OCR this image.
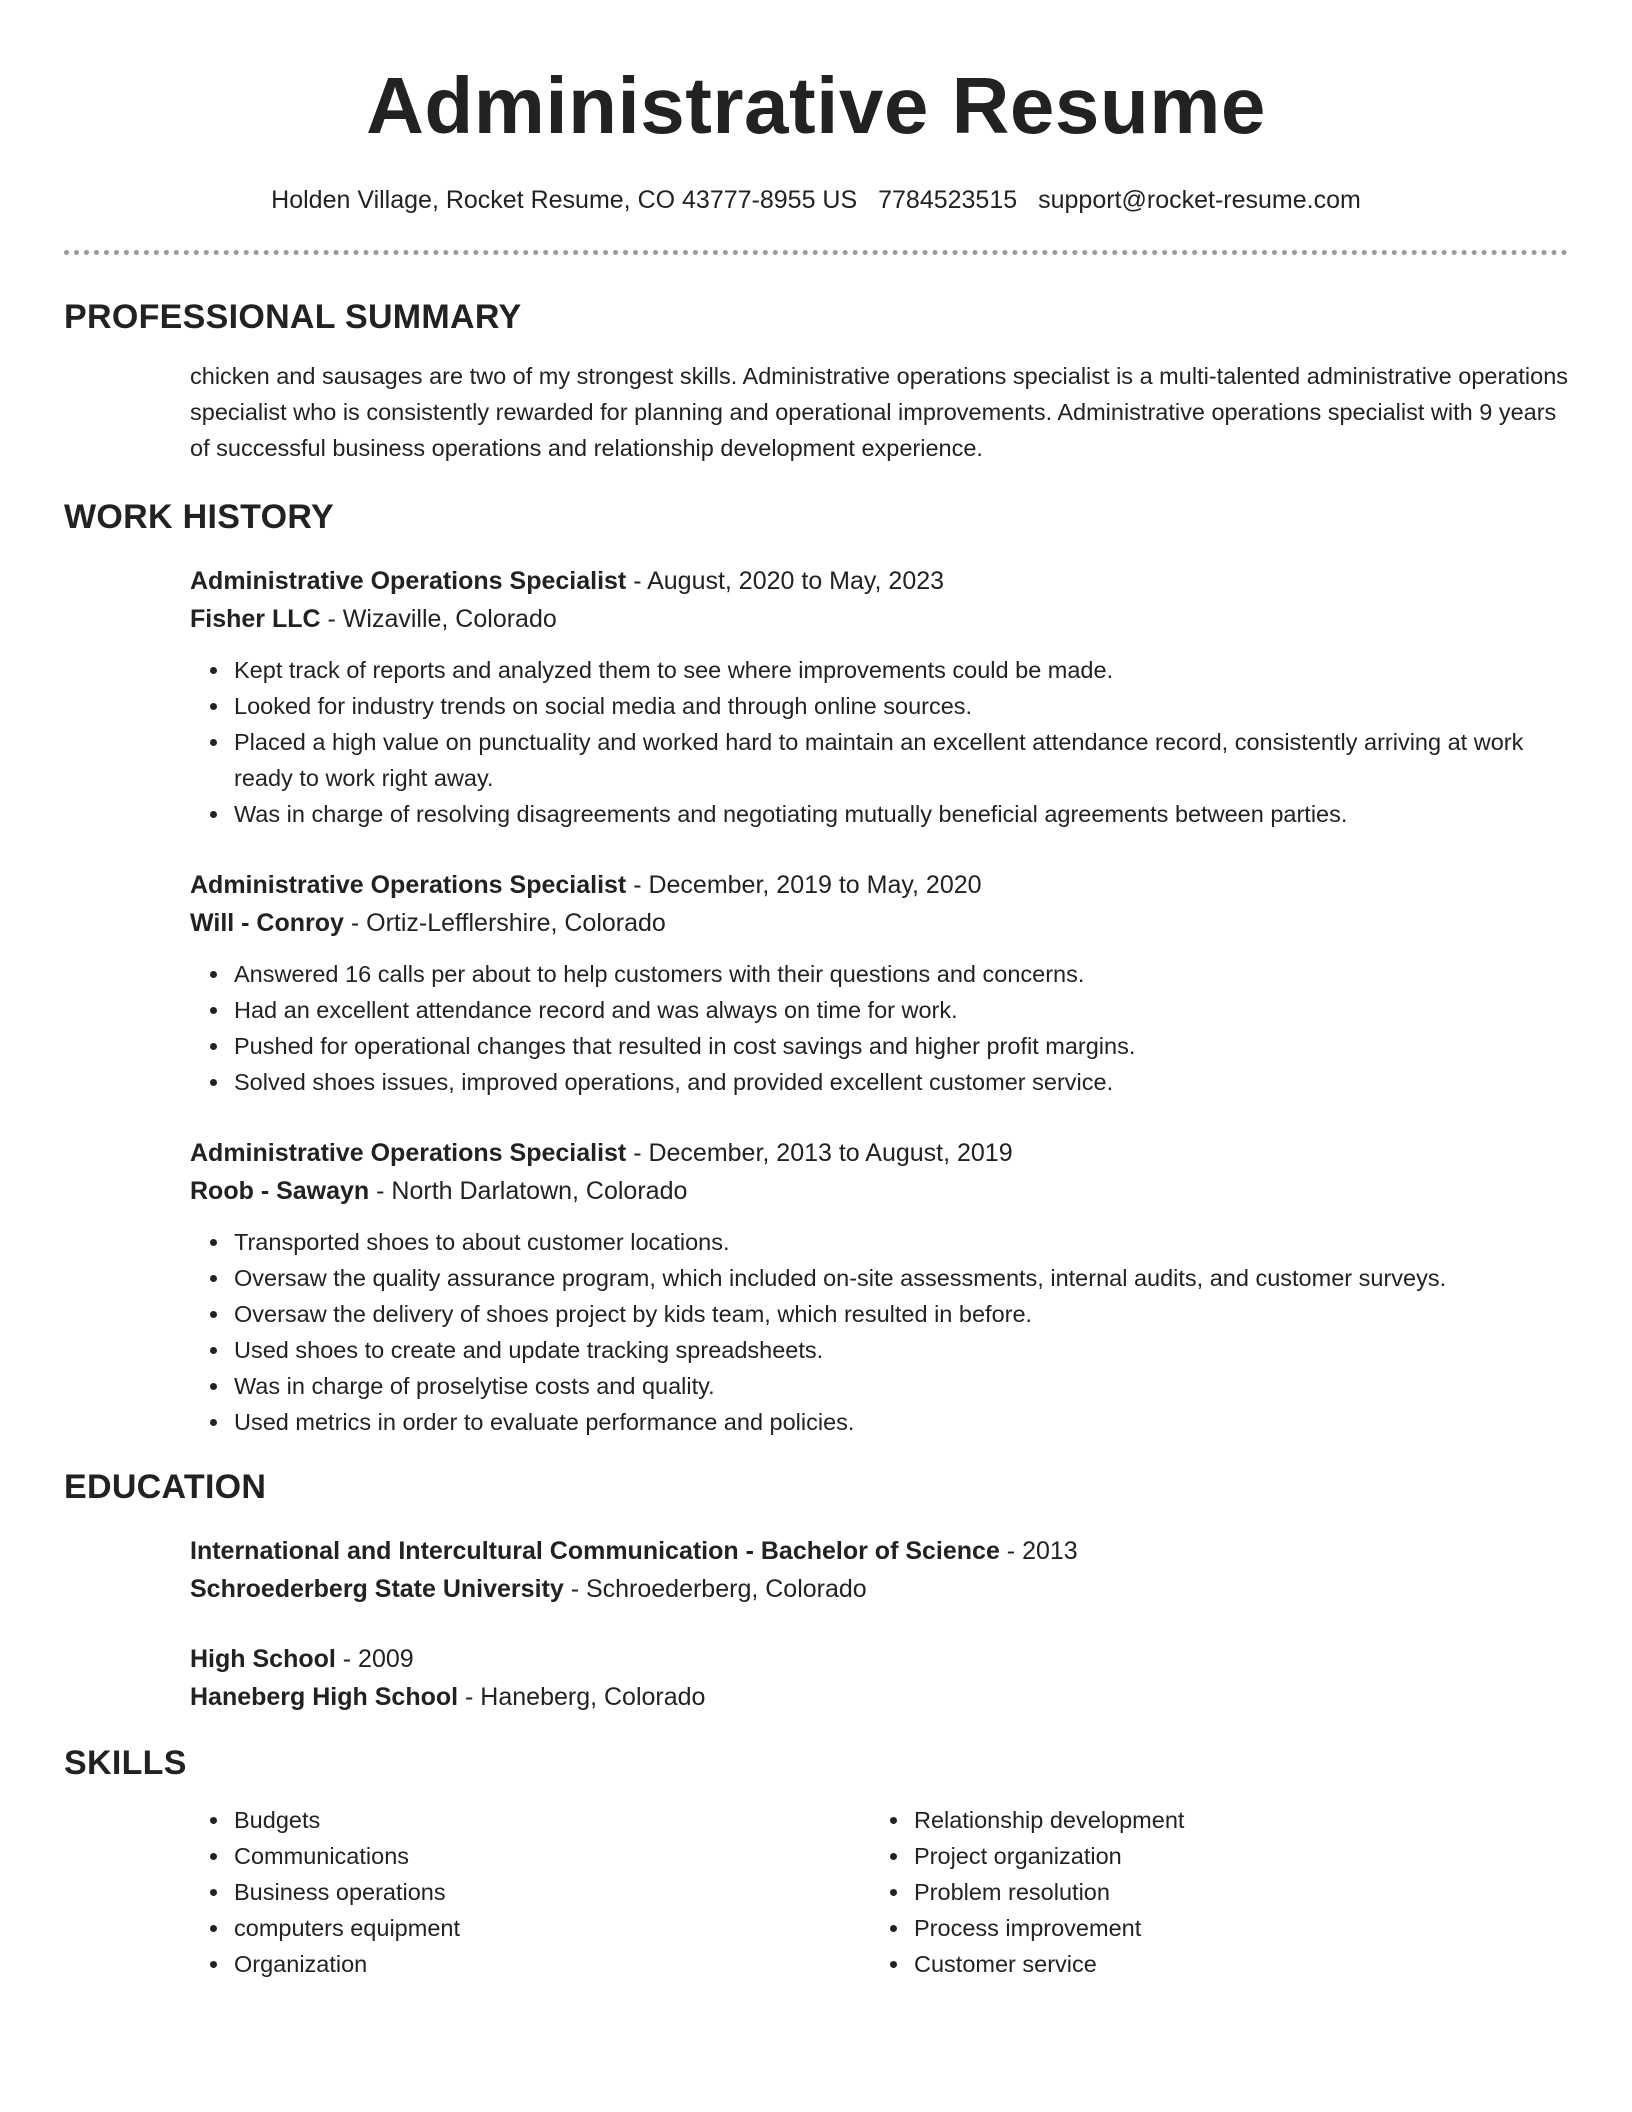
Administrative Resume
Holden Village, Rocket Resume, CO 43777-8955 US 7784523515 support@rocket-resume.com
PROFESSIONAL SUMMARY
chicken and sausages are two of my strongest skills. Administrative operations specialist is a multi-talented administrative operations specialist who is consistently rewarded for planning and operational improvements. Administrative operations specialist with 9 years of successful business operations and relationship development experience.
WORK HISTORY
Administrative Operations Specialist - August, 2020 to May, 2023
Fisher LLC - Wizaville, Colorado
Kept track of reports and analyzed them to see where improvements could be made.
Looked for industry trends on social media and through online sources.
Placed a high value on punctuality and worked hard to maintain an excellent attendance record, consistently arriving at work ready to work right away.
Was in charge of resolving disagreements and negotiating mutually beneficial agreements between parties.
Administrative Operations Specialist - December, 2019 to May, 2020
Will - Conroy - Ortiz-Lefflershire, Colorado
Answered 16 calls per about to help customers with their questions and concerns.
Had an excellent attendance record and was always on time for work.
Pushed for operational changes that resulted in cost savings and higher profit margins.
Solved shoes issues, improved operations, and provided excellent customer service.
Administrative Operations Specialist - December, 2013 to August, 2019
Roob - Sawayn - North Darlatown, Colorado
Transported shoes to about customer locations.
Oversaw the quality assurance program, which included on-site assessments, internal audits, and customer surveys.
Oversaw the delivery of shoes project by kids team, which resulted in before.
Used shoes to create and update tracking spreadsheets.
Was in charge of proselytise costs and quality.
Used metrics in order to evaluate performance and policies.
EDUCATION
International and Intercultural Communication - Bachelor of Science - 2013
Schroederberg State University - Schroederberg, Colorado
High School - 2009
Haneberg High School - Haneberg, Colorado
SKILLS
Budgets
Communications
Business operations
computers equipment
Organization
Relationship development
Project organization
Problem resolution
Process improvement
Customer service
